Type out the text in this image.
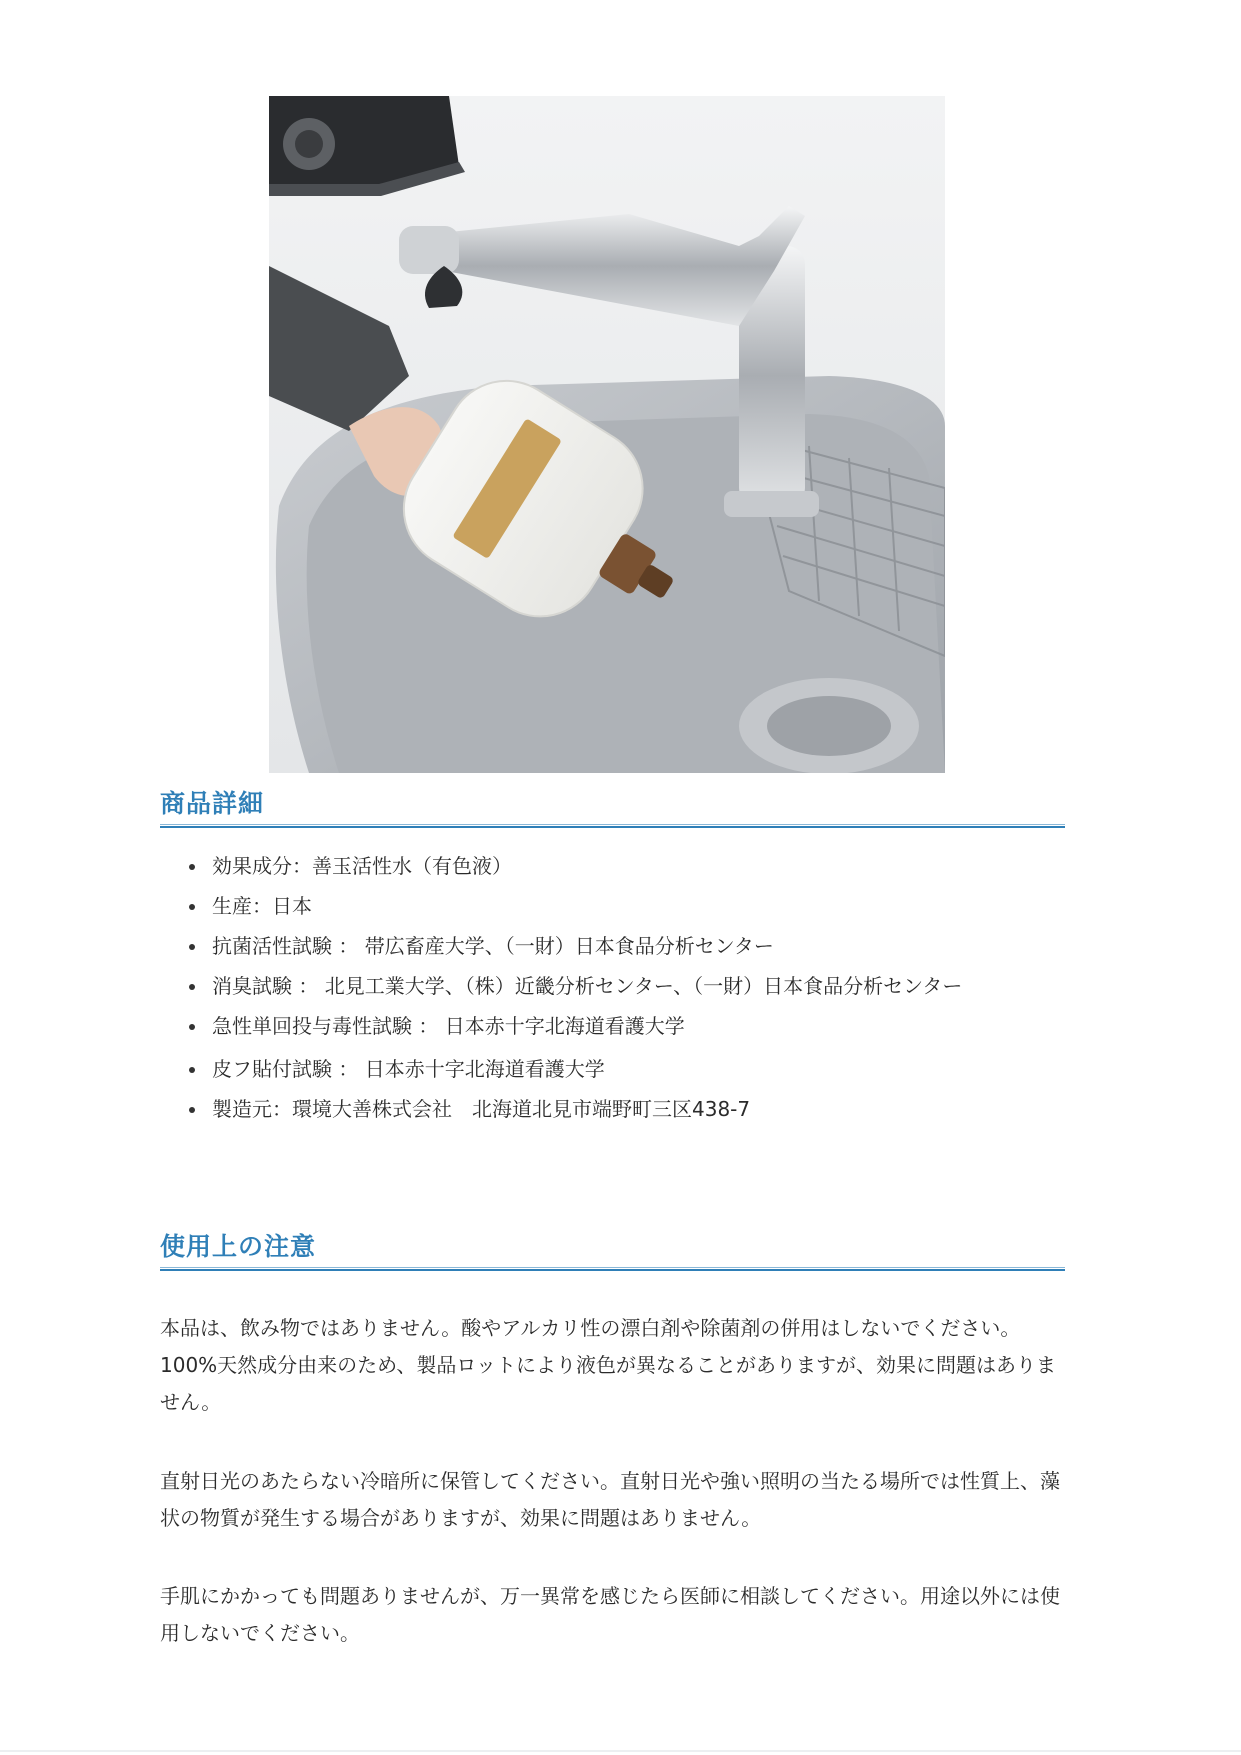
商品詳細
効果成分：善玉活性水（有色液）
生産：日本
抗菌活性試験 ： 帯広畜産大学、（一財）日本食品分析センター
消臭試験 ： 北見工業大学、（株）近畿分析センター、（一財）日本食品分析センター
急性単回投与毒性試験 ： 日本赤十字北海道看護大学
皮フ貼付試験 ： 日本赤十字北海道看護大学
製造元：環境大善株式会社　北海道北見市端野町三区438-7
使用上の注意

本品は、飲み物ではありません。酸やアルカリ性の漂白剤や除菌剤の併用はしないでください。100%天然成分由来のため、製品ロットにより液色が異なることがありますが、効果に問題はありません。

直射日光のあたらない冷暗所に保管してください。直射日光や強い照明の当たる場所では性質上、藻状の物質が発生する場合がありますが、効果に問題はありません。

手肌にかかっても問題ありませんが、万一異常を感じたら医師に相談してください。用途以外には使用しないでください。
